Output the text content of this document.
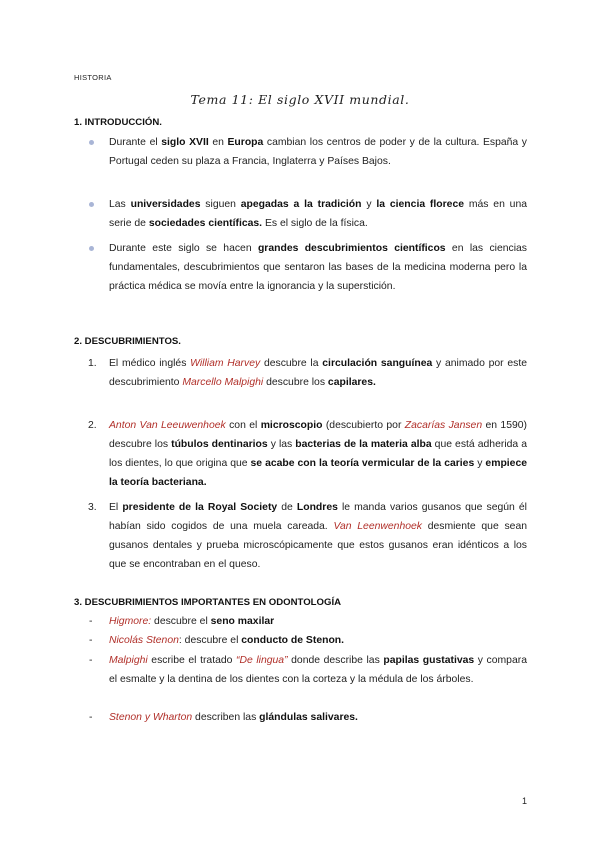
HISTORIA
Tema 11: El siglo XVII mundial.
1. INTRODUCCIÓN.
Durante el siglo XVII en Europa cambian los centros de poder y de la cultura. España y Portugal ceden su plaza a Francia, Inglaterra y Países Bajos.
Las universidades siguen apegadas a la tradición y la ciencia florece más en una serie de sociedades científicas. Es el siglo de la física.
Durante este siglo se hacen grandes descubrimientos científicos en las ciencias fundamentales, descubrimientos que sentaron las bases de la medicina moderna pero la práctica médica se movía entre la ignorancia y la superstición.
2. DESCUBRIMIENTOS.
1. El médico inglés William Harvey descubre la circulación sanguínea y animado por este descubrimiento Marcello Malpighi descubre los capilares.
2. Anton Van Leeuwenhoek con el microscopio (descubierto por Zacarías Jansen en 1590) descubre los túbulos dentinarios y las bacterias de la materia alba que está adherida a los dientes, lo que origina que se acabe con la teoría vermicular de la caries y empiece la teoría bacteriana.
3. El presidente de la Royal Society de Londres le manda varios gusanos que según él habían sido cogidos de una muela careada. Van Leenwenhoek desmiente que sean gusanos dentales y prueba microscópicamente que estos gusanos eran idénticos a los que se encontraban en el queso.
3. DESCUBRIMIENTOS IMPORTANTES EN ODONTOLOGÍA
- Higmore: descubre el seno maxilar
- Nicolás Stenon: descubre el conducto de Stenon.
- Malpighi escribe el tratado “De lingua” donde describe las papilas gustativas y compara el esmalte y la dentina de los dientes con la corteza y la médula de los árboles.
- Stenon y Wharton describen las glándulas salivares.
1
